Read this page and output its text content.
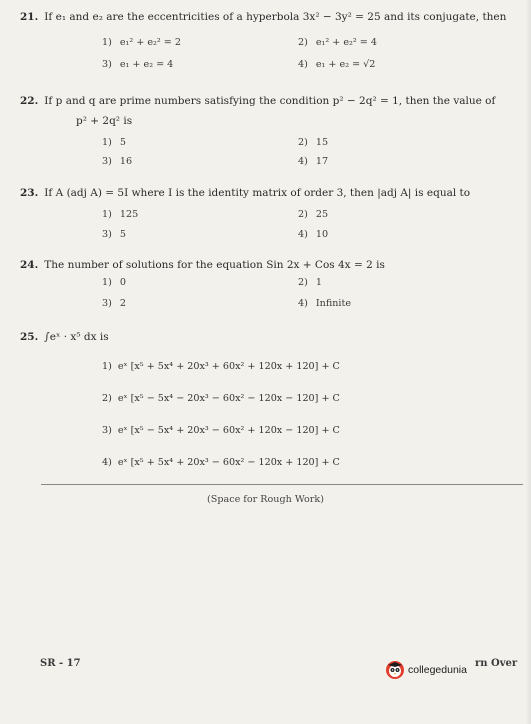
21. If e₁ and e₂ are the eccentricities of a hyperbola 3x² − 3y² = 25 and its conjugate, then
1) e₁² + e₂² = 2	2) e₁² + e₂² = 4
3) e₁ + e₂ = 4	4) e₁ + e₂ = √2
22. If p and q are prime numbers satisfying the condition p² − 2q² = 1, then the value of
p² + 2q² is
1) 5	2) 15
3) 16	4) 17
23. If A (adj A) = 5I where I is the identity matrix of order 3, then |adj A| is equal to
1) 125	2) 25
3) 5	4) 10
24. The number of solutions for the equation Sin 2x + Cos 4x = 2 is
1) 0	2) 1
3) 2	4) Infinite
25. ∫eˣ · x⁵ dx is
1) eˣ [x⁵ + 5x⁴ + 20x³ + 60x² + 120x + 120] + C
2) eˣ [x⁵ − 5x⁴ − 20x³ − 60x² − 120x − 120] + C
3) eˣ [x⁵ − 5x⁴ + 20x³ − 60x² + 120x − 120] + C
4) eˣ [x⁵ + 5x⁴ + 20x³ − 60x² − 120x + 120] + C
(Space for Rough Work)
SR - 17
collegedunia
rn Over
